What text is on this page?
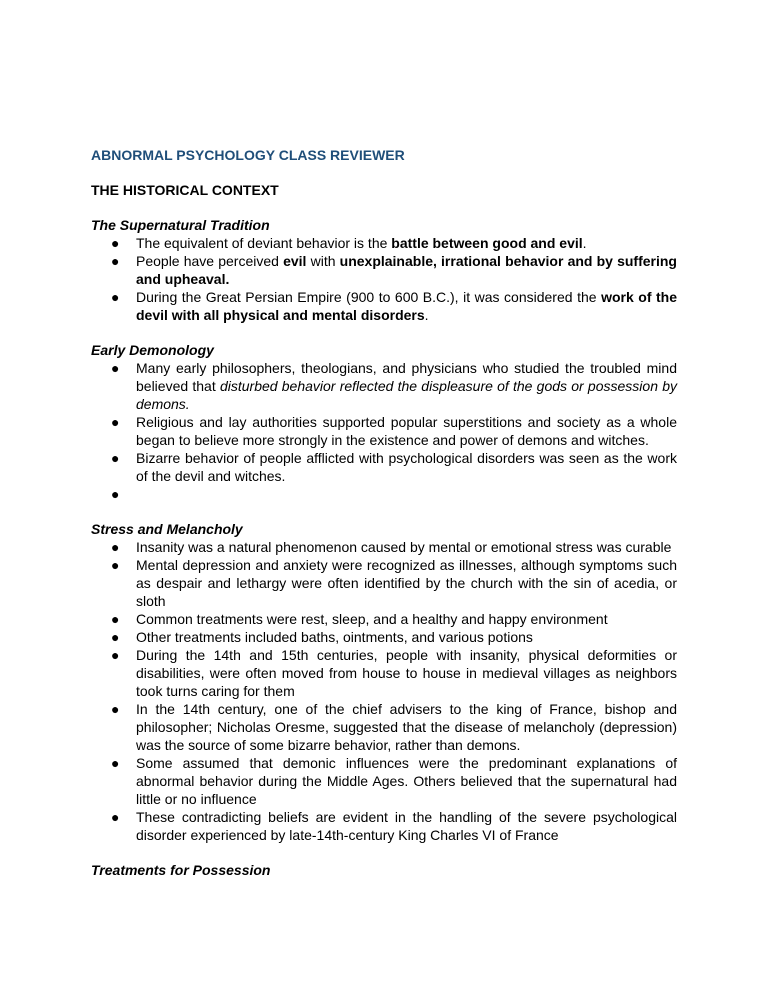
ABNORMAL PSYCHOLOGY CLASS REVIEWER
THE HISTORICAL CONTEXT
The Supernatural Tradition
● The equivalent of deviant behavior is the battle between good and evil.
● People have perceived evil with unexplainable, irrational behavior and by suffering and upheaval.
● During the Great Persian Empire (900 to 600 B.C.), it was considered the work of the devil with all physical and mental disorders.
Early Demonology
● Many early philosophers, theologians, and physicians who studied the troubled mind believed that disturbed behavior reflected the displeasure of the gods or possession by demons.
● Religious and lay authorities supported popular superstitions and society as a whole began to believe more strongly in the existence and power of demons and witches.
● Bizarre behavior of people afflicted with psychological disorders was seen as the work of the devil and witches.
●

Stress and Melancholy
● Insanity was a natural phenomenon caused by mental or emotional stress was curable
● Mental depression and anxiety were recognized as illnesses, although symptoms such as despair and lethargy were often identified by the church with the sin of acedia, or sloth
● Common treatments were rest, sleep, and a healthy and happy environment
● Other treatments included baths, ointments, and various potions
● During the 14th and 15th centuries, people with insanity, physical deformities or disabilities, were often moved from house to house in medieval villages as neighbors took turns caring for them
● In the 14th century, one of the chief advisers to the king of France, bishop and philosopher; Nicholas Oresme, suggested that the disease of melancholy (depression) was the source of some bizarre behavior, rather than demons.
● Some assumed that demonic influences were the predominant explanations of abnormal behavior during the Middle Ages. Others believed that the supernatural had little or no influence
● These contradicting beliefs are evident in the handling of the severe psychological disorder experienced by late-14th-century King Charles VI of France
Treatments for Possession
